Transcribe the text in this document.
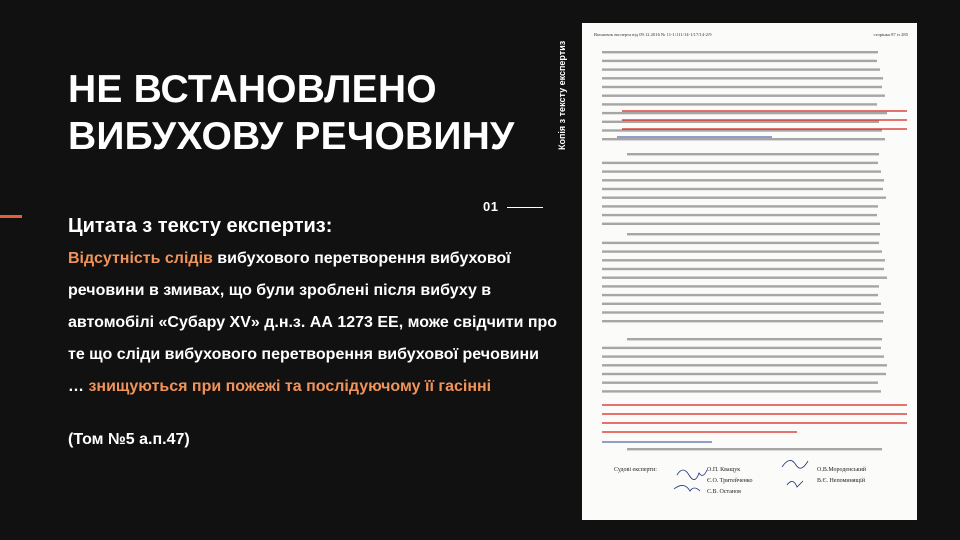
НЕ ВСТАНОВЛЕНО
ВИБУХОВУ РЕЧОВИНУ
01
Цитата з тексту експертиз:

Відсутність слідів вибухового перетворення вибухової речовини в змивах, що були зроблені після вибуху в автомобілі «Субару XV» д.н.з. АА 1273 ЕЕ, може свідчити про те що сліди вибухового перетворення вибухової речовини … знищуються при пожежі та послідуючому її гасінні

(Том №5 а.п.47)
Копія з тексту експертиз
Висновок експерта від 09.12.2016 № 11-1/111/14-1/17/14-2/9	сторінка 87 із 285
Судові експерти:	О.П. Кващук
Є.О. Тритейченко
С.В. Останов
О.В.Мороденський
В.Є. Непоминящій
